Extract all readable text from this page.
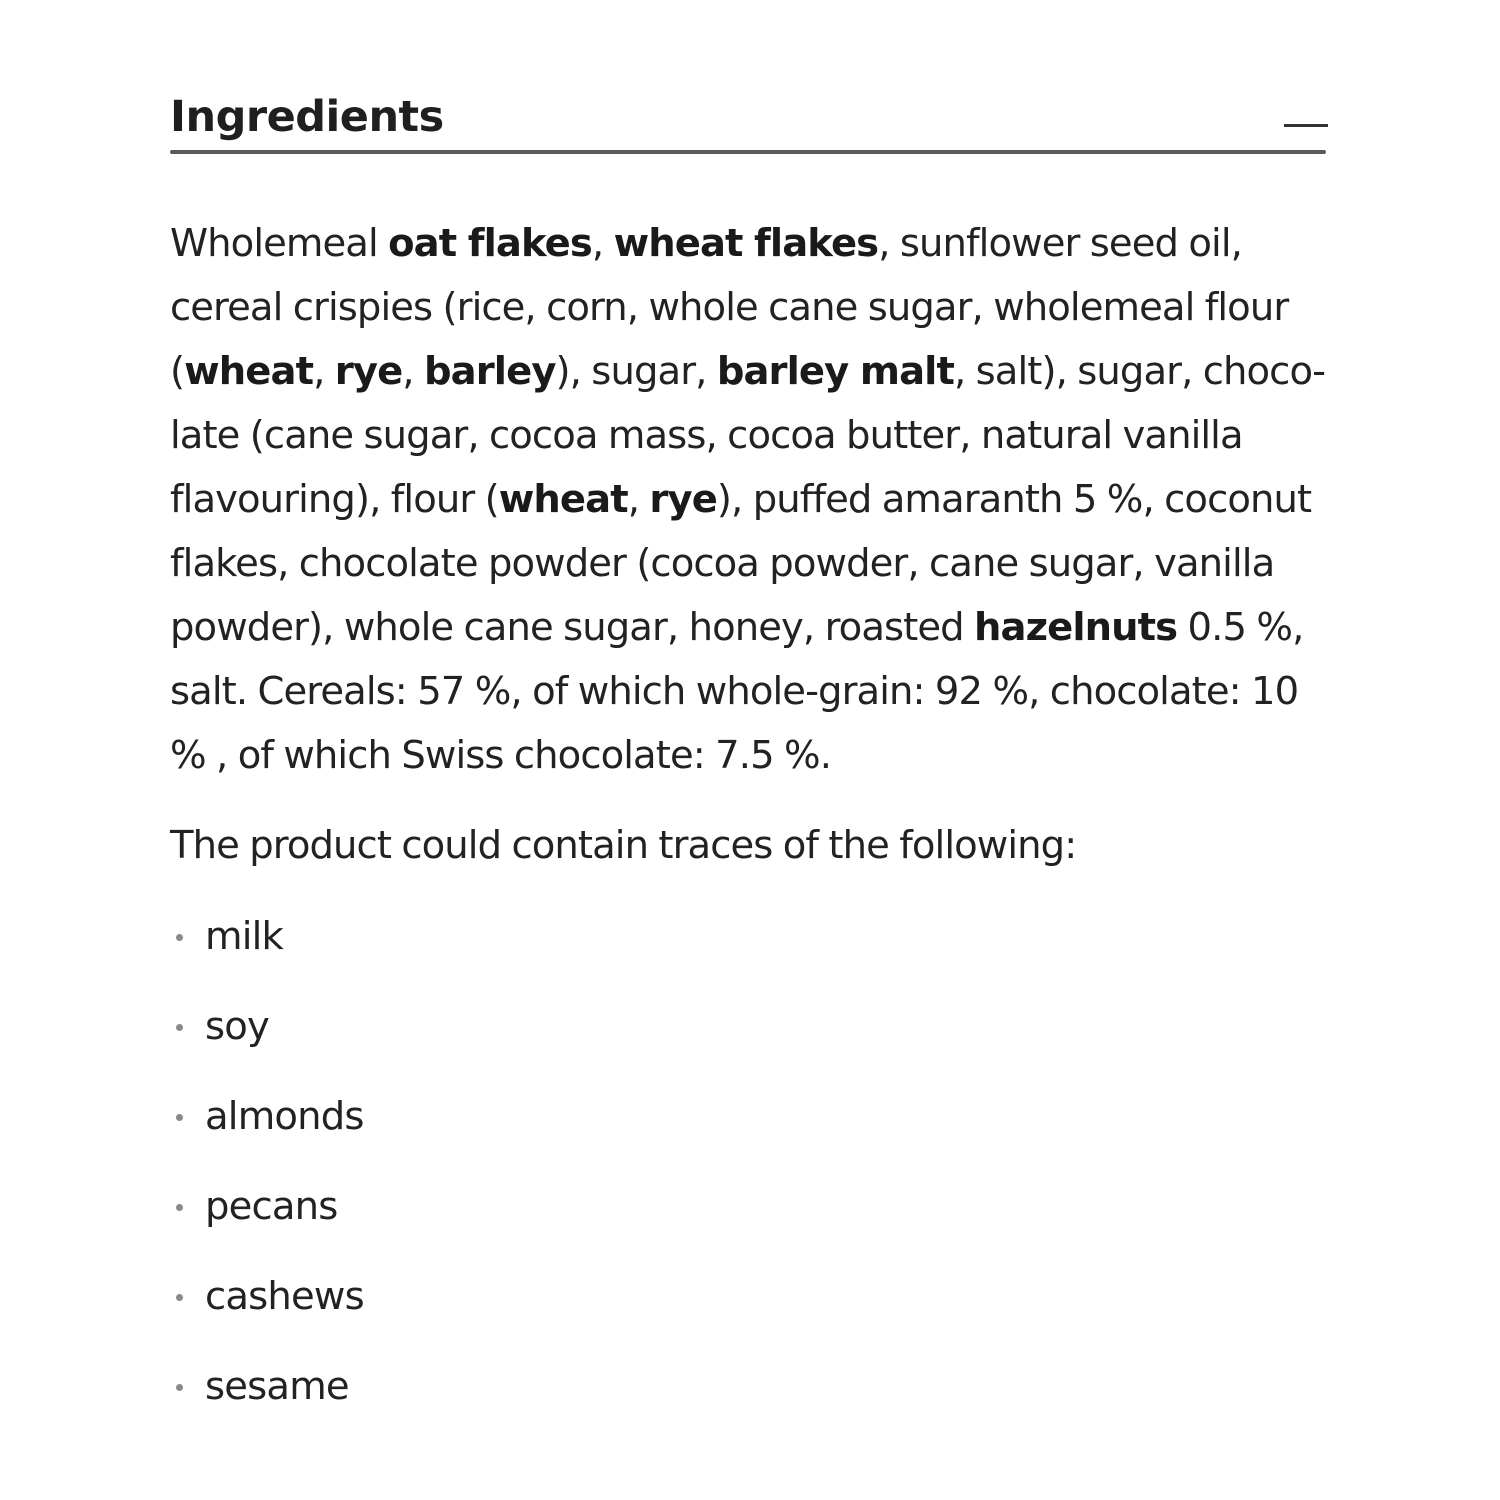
Ingredients

Wholemeal oat flakes, wheat flakes, sunflower seed oil, cereal crispies (rice, corn, whole cane sugar, wholemeal flour (wheat, rye, barley), sugar, barley malt, salt), sugar, chocolate (cane sugar, cocoa mass, cocoa butter, natural vanilla flavouring), flour (wheat, rye), puffed amaranth 5 %, coconut flakes, chocolate powder (cocoa powder, cane sugar, vanilla powder), whole cane sugar, honey, roasted hazelnuts 0.5 %, salt. Cereals: 57 %, of which whole-grain: 92 %, chocolate: 10 % , of which Swiss chocolate: 7.5 %.

The product could contain traces of the following:

milk
soy
almonds
pecans
cashews
sesame
